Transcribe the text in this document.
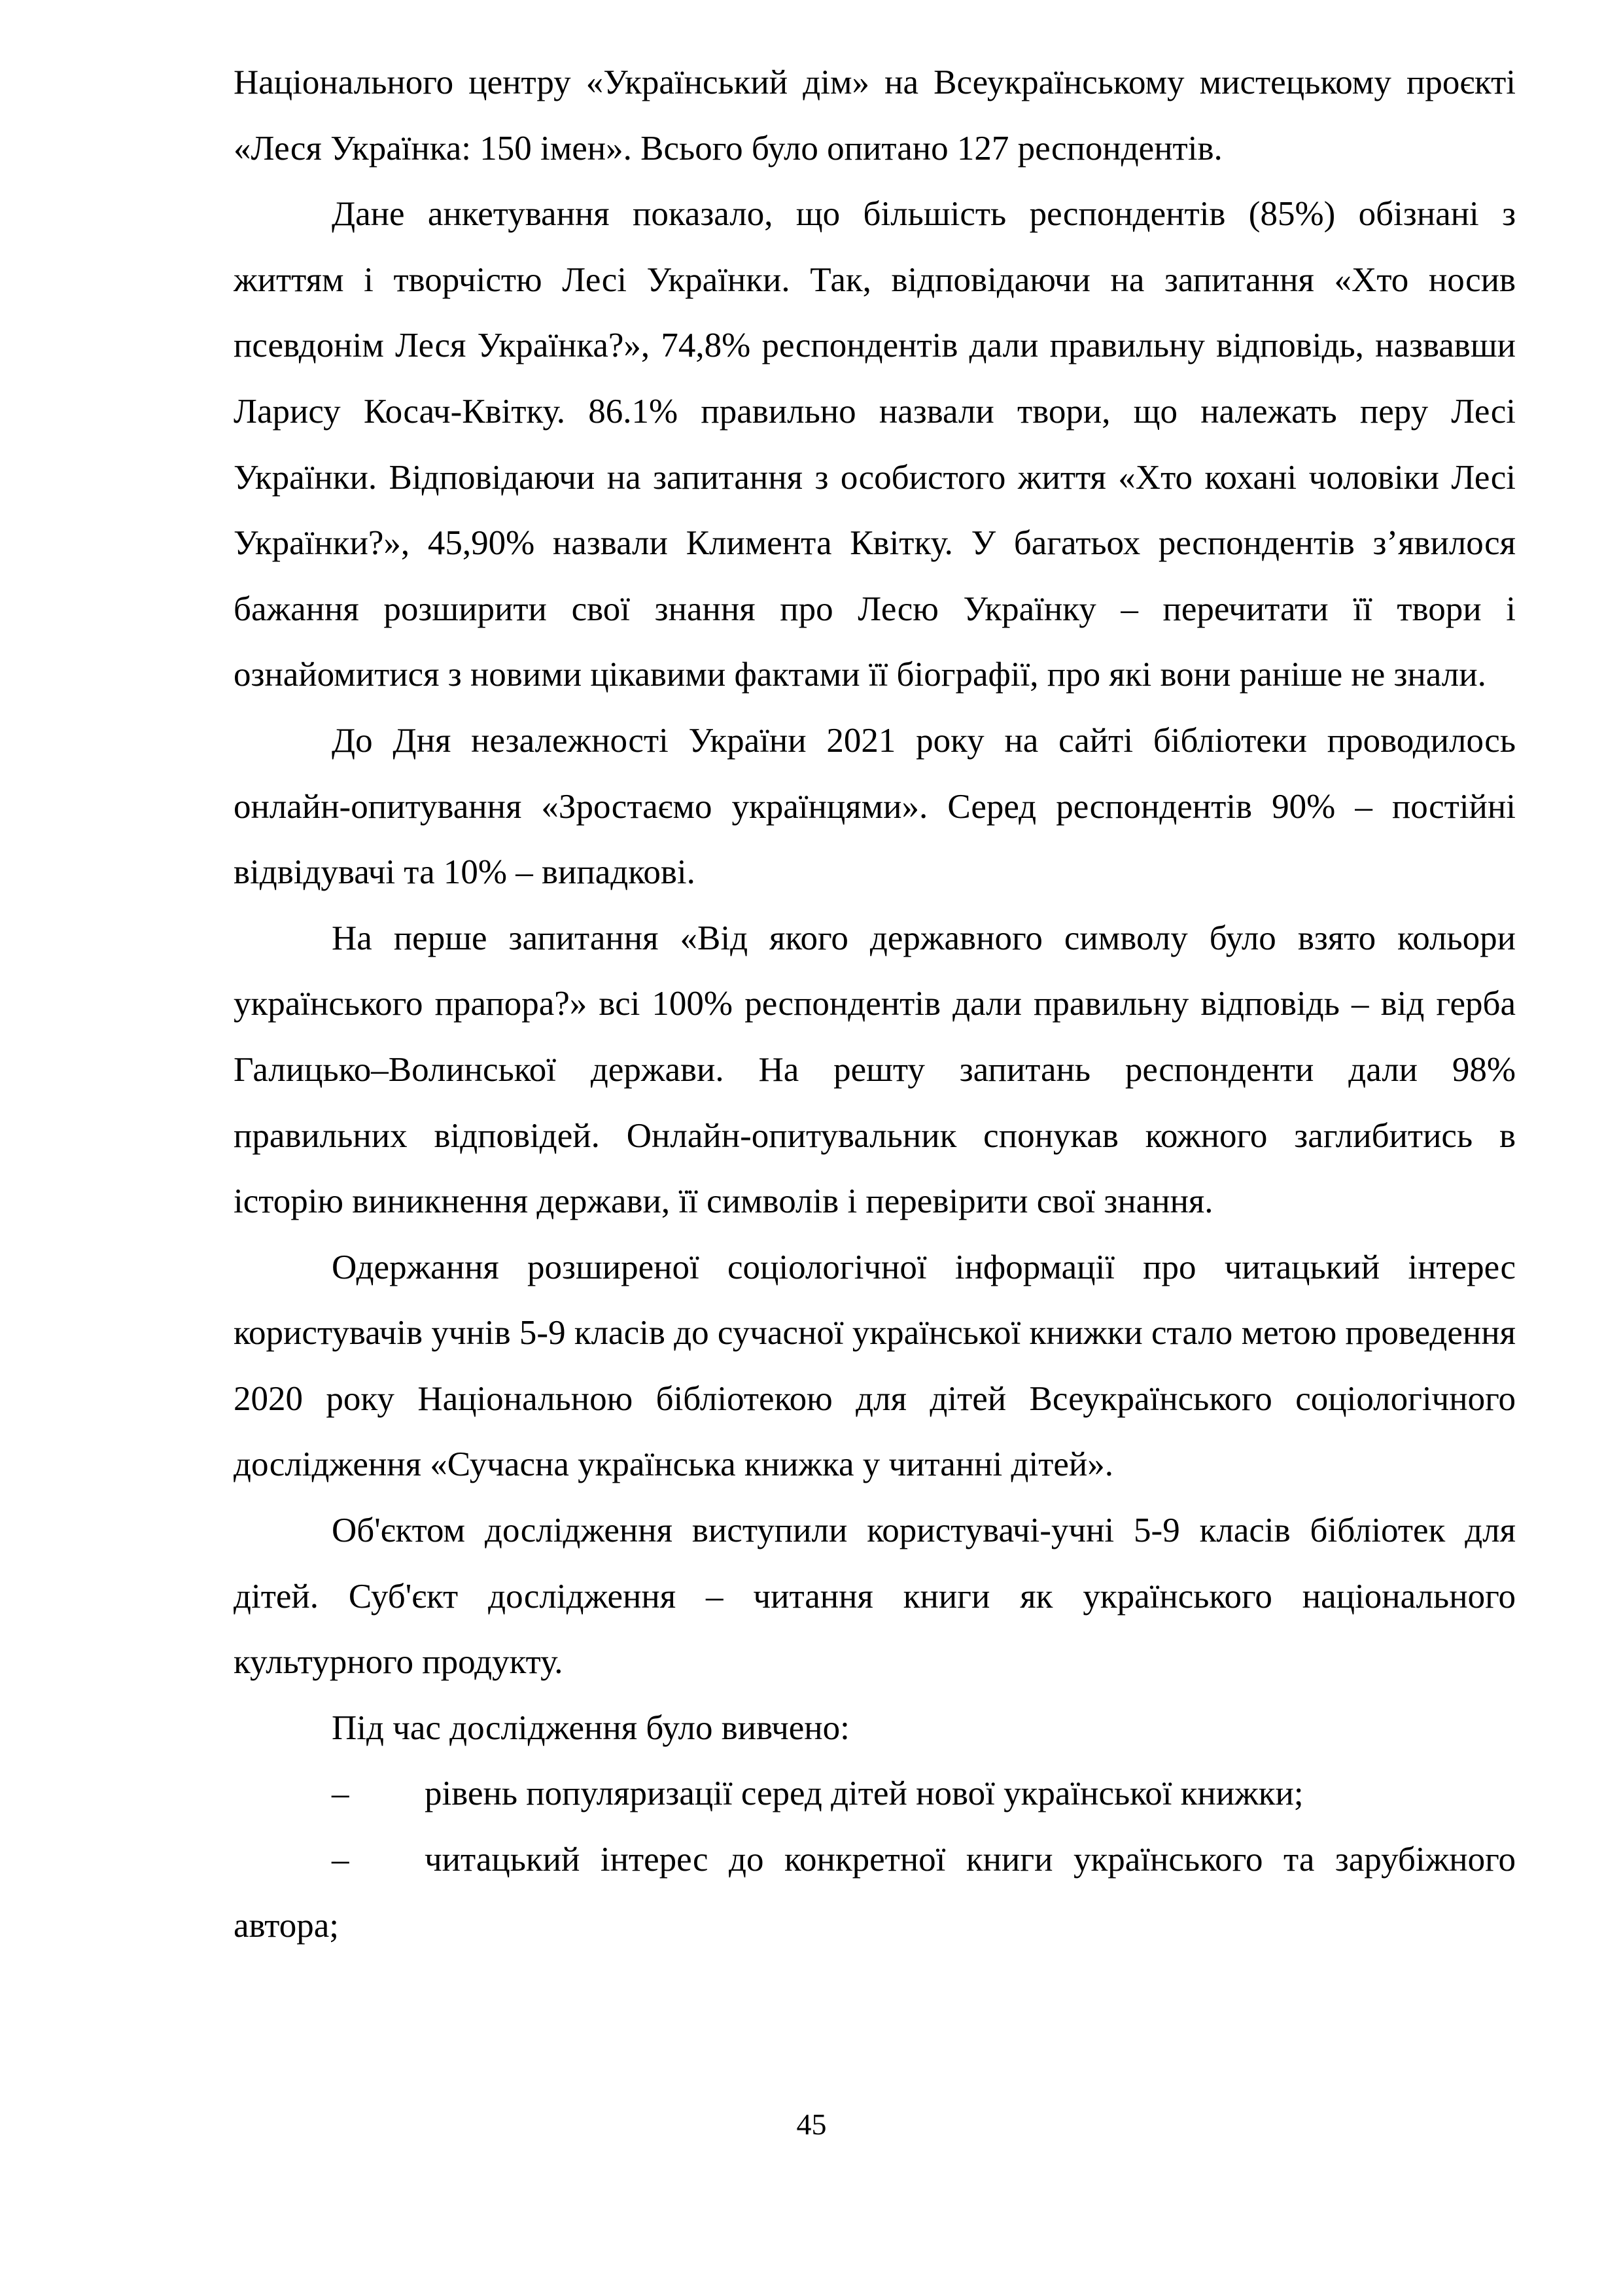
Національного центру «Український дім» на Всеукраїнському мистецькому проєкті «Леся Українка: 150 імен». Всього було опитано 127 респондентів.

Дане анкетування показало, що більшість респондентів (85%) обізнані з життям і творчістю Лесі Українки. Так, відповідаючи на запитання «Хто носив псевдонім Леся Українка?», 74,8% респондентів дали правильну відповідь, назвавши Ларису Косач-Квітку. 86.1% правильно назвали твори, що належать перу Лесі Українки. Відповідаючи на запитання з особистого життя «Хто кохані чоловіки Лесі Українки?», 45,90% назвали Климента Квітку. У багатьох респондентів з’явилося бажання розширити свої знання про Лесю Українку – перечитати її твори і ознайомитися з новими цікавими фактами її біографії, про які вони раніше не знали.

До Дня незалежності України 2021 року на сайті бібліотеки проводилось онлайн-опитування «Зростаємо українцями». Серед респондентів 90% – постійні відвідувачі та 10% – випадкові.

На перше запитання «Від якого державного символу було взято кольори українського прапора?» всі 100% респондентів дали правильну відповідь – від герба Галицько–Волинської держави. На решту запитань респонденти дали 98% правильних відповідей. Онлайн-опитувальник спонукав кожного заглибитись в історію виникнення держави, її символів і перевірити свої знання.

Одержання розширеної соціологічної інформації про читацький інтерес користувачів учнів 5-9 класів до сучасної української книжки стало метою проведення 2020 року Національною бібліотекою для дітей Всеукраїнського соціологічного дослідження «Сучасна українська книжка у читанні дітей».

Об'єктом дослідження виступили користувачі-учні 5-9 класів бібліотек для дітей. Суб'єкт дослідження – читання книги як українського національного культурного продукту.

Під час дослідження було вивчено:

–	рівень популяризації серед дітей нової української книжки;
–	читацький інтерес до конкретної книги українського та зарубіжного автора;
45
